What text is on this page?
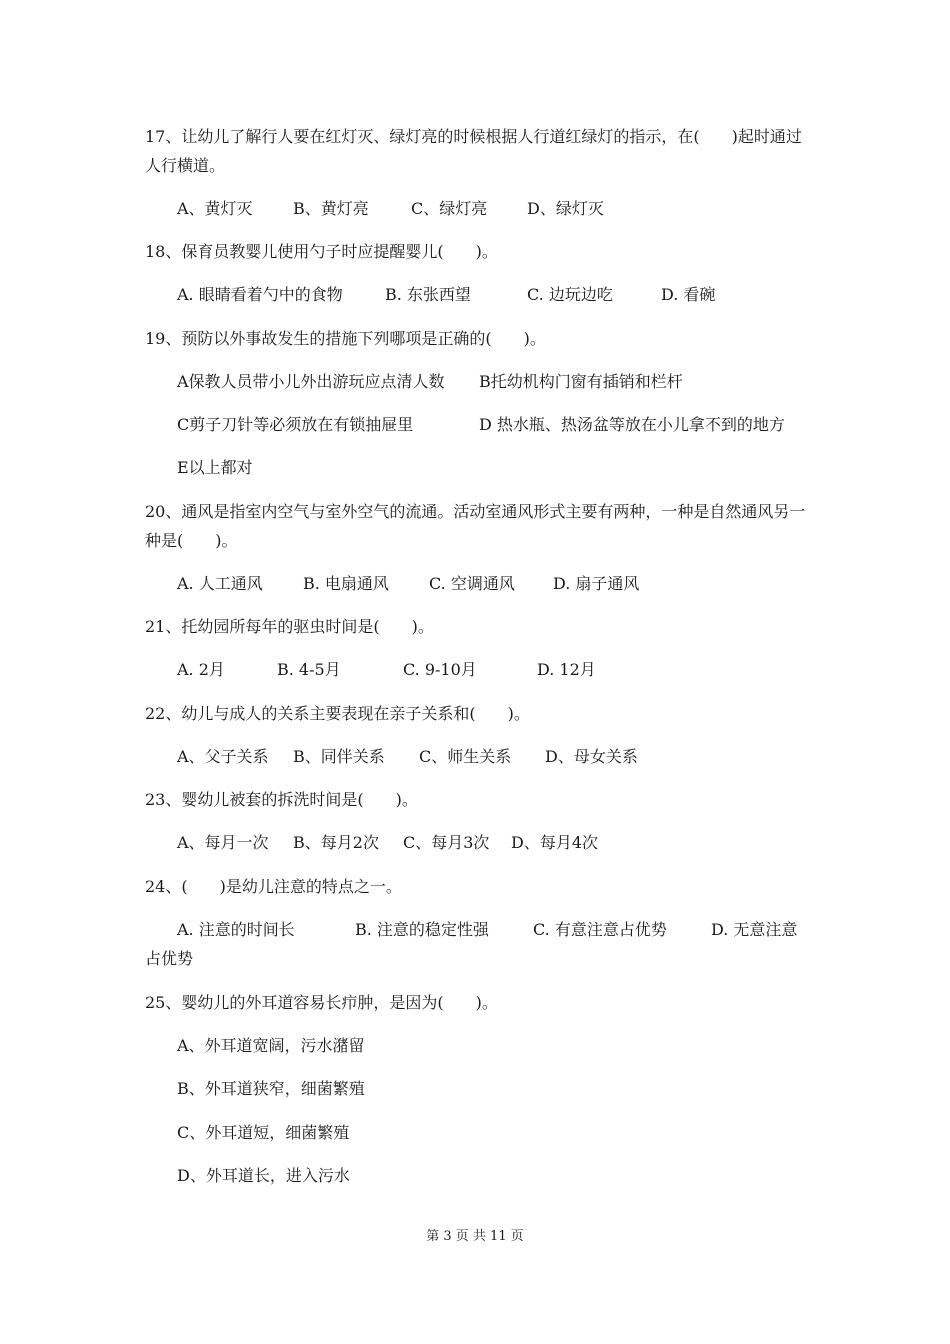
17、让幼儿了解行人要在红灯灭、绿灯亮的时候根据人行道红绿灯的指示，在(　　)起时通过人行横道。
A、黄灯灭	B、黄灯亮	C、绿灯亮 D、绿灯灭
18、保育员教婴儿使用勺子时应提醒婴儿(　　)。
A. 眼睛看着勺中的食物	B. 东张西望	C. 边玩边吃	D. 看碗
19、预防以外事故发生的措施下列哪项是正确的(　　)。
A保教人员带小儿外出游玩应点清人数 B托幼机构门窗有插销和栏杆
C剪子刀针等必须放在有锁抽屉里	D 热水瓶、热汤盆等放在小儿拿不到的地方
E以上都对
20、通风是指室内空气与室外空气的流通。活动室通风形式主要有两种，一种是自然通风另一种是(　　)。
A. 人工通风	B. 电扇通风	C. 空调通风 D. 扇子通风
21、托幼园所每年的驱虫时间是(　　)。
A. 2月	B. 4-5月	C. 9-10月	D. 12月
22、幼儿与成人的关系主要表现在亲子关系和(　　)。
A、父子关系 B、同伴关系 C、师生关系 D、母女关系
23、婴幼儿被套的拆洗时间是(　　)。
A、每月一次 B、每月2次 C、每月3次 D、每月4次
24、(　　)是幼儿注意的特点之一。
A. 注意的时间长	B. 注意的稳定性强	C. 有意注意占优势	D. 无意注意
占优势
25、婴幼儿的外耳道容易长疖肿，是因为(　　)。
A、外耳道宽阔，污水潴留
B、外耳道狭窄，细菌繁殖
C、外耳道短，细菌繁殖
D、外耳道长，进入污水
第 3 页 共 11 页
